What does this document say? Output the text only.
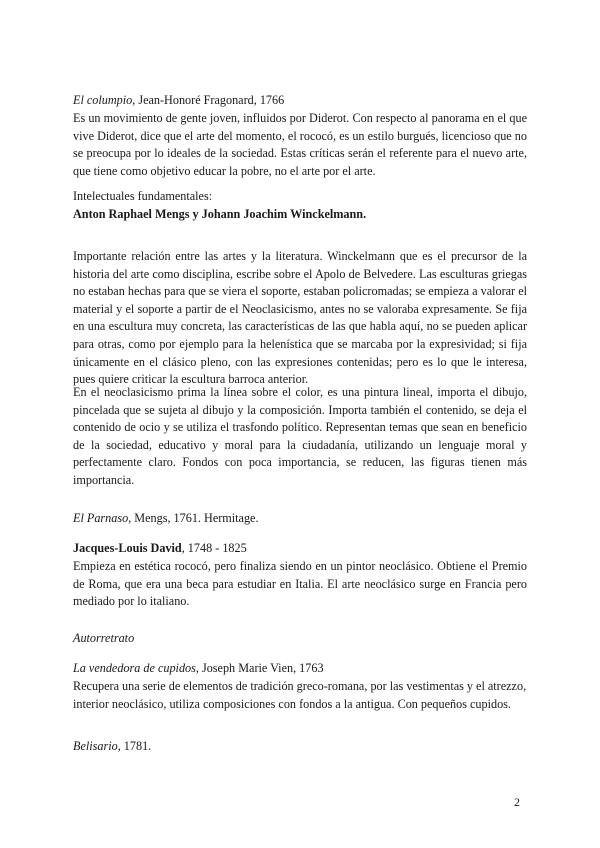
El columpio, Jean-Honoré Fragonard, 1766
Es un movimiento de gente joven, influidos por Diderot. Con respecto al panorama en el que vive Diderot, dice que el arte del momento, el rococó, es un estilo burgués, licencioso que no se preocupa por lo ideales de la sociedad. Estas críticas serán el referente para el nuevo arte, que tiene como objetivo educar la pobre, no el arte por el arte.
Intelectuales fundamentales:
Anton Raphael Mengs y Johann Joachim Winckelmann.
Importante relación entre las artes y la literatura. Winckelmann que es el precursor de la historia del arte como disciplina, escribe sobre el Apolo de Belvedere. Las esculturas griegas no estaban hechas para que se viera el soporte, estaban policromadas; se empieza a valorar el material y el soporte a partir de el Neoclasicismo, antes no se valoraba expresamente. Se fija en una escultura muy concreta, las características de las que habla aquí, no se pueden aplicar para otras, como por ejemplo para la helenística que se marcaba por la expresividad; si fija únicamente en el clásico pleno, con las expresiones contenidas; pero es lo que le interesa, pues quiere criticar la escultura barroca anterior.
En el neoclasicismo prima la línea sobre el color, es una pintura lineal, importa el dibujo, pincelada que se sujeta al dibujo y la composición. Importa también el contenido, se deja el contenido de ocio y se utiliza el trasfondo político. Representan temas que sean en beneficio de la sociedad, educativo y moral para la ciudadanía, utilizando un lenguaje moral y perfectamente claro. Fondos con poca importancia, se reducen, las figuras tienen más importancia.
El Parnaso, Mengs, 1761. Hermitage.
Jacques-Louis David, 1748 - 1825
Empieza en estética rococó, pero finaliza siendo en un pintor neoclásico. Obtiene el Premio de Roma, que era una beca para estudiar en Italia. El arte neoclásico surge en Francia pero mediado por lo italiano.
Autorretrato
La vendedora de cupidos, Joseph Marie Vien, 1763
Recupera una serie de elementos de tradición greco-romana, por las vestimentas y el atrezzo, interior neoclásico, utiliza composiciones con fondos a la antigua. Con pequeños cupidos.
Belisario, 1781.
2
